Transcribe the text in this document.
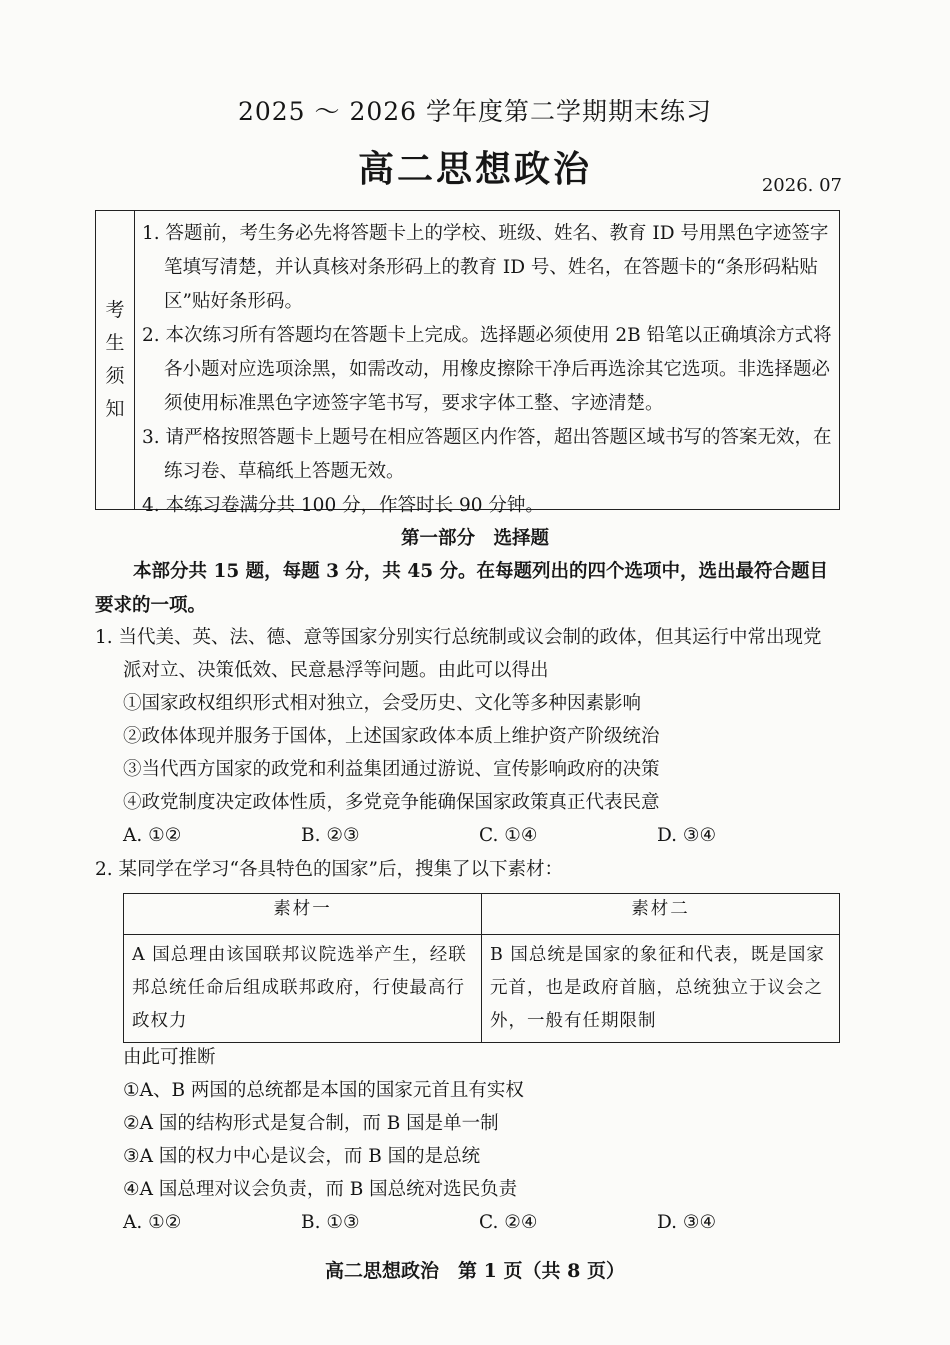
2025 ～ 2026 学年度第二学期期末练习
高二思想政治	2026. 07
考
生
须
知
1. 答题前，考生务必先将答题卡上的学校、班级、姓名、教育 ID 号用黑色字迹签字笔填写清楚，并认真核对条形码上的教育 ID 号、姓名，在答题卡的“条形码粘贴区”贴好条形码。
2. 本次练习所有答题均在答题卡上完成。选择题必须使用 2B 铅笔以正确填涂方式将各小题对应选项涂黑，如需改动，用橡皮擦除干净后再选涂其它选项。非选择题必须使用标准黑色字迹签字笔书写，要求字体工整、字迹清楚。
3. 请严格按照答题卡上题号在相应答题区内作答，超出答题区域书写的答案无效，在练习卷、草稿纸上答题无效。
4. 本练习卷满分共 100 分，作答时长 90 分钟。
第一部分　选择题
本部分共 15 题，每题 3 分，共 45 分。在每题列出的四个选项中，选出最符合题目要求的一项。
1. 当代美、英、法、德、意等国家分别实行总统制或议会制的政体，但其运行中常出现党派对立、决策低效、民意悬浮等问题。由此可以得出
①国家政权组织形式相对独立，会受历史、文化等多种因素影响
②政体体现并服务于国体，上述国家政体本质上维护资产阶级统治
③当代西方国家的政党和利益集团通过游说、宣传影响政府的决策
④政党制度决定政体性质，多党竞争能确保国家政策真正代表民意
A. ①②	B. ②③	C. ①④	D. ③④
2. 某同学在学习“各具特色的国家”后，搜集了以下素材：
素材一	素材二
A 国总理由该国联邦议院选举产生，经联邦总统任命后组成联邦政府，行使最高行政权力	B 国总统是国家的象征和代表，既是国家元首，也是政府首脑，总统独立于议会之外，一般有任期限制
由此可推断
①A、B 两国的总统都是本国的国家元首且有实权
②A 国的结构形式是复合制，而 B 国是单一制
③A 国的权力中心是议会，而 B 国的是总统
④A 国总理对议会负责，而 B 国总统对选民负责
A. ①②	B. ①③	C. ②④	D. ③④
高二思想政治　第 1 页（共 8 页）
